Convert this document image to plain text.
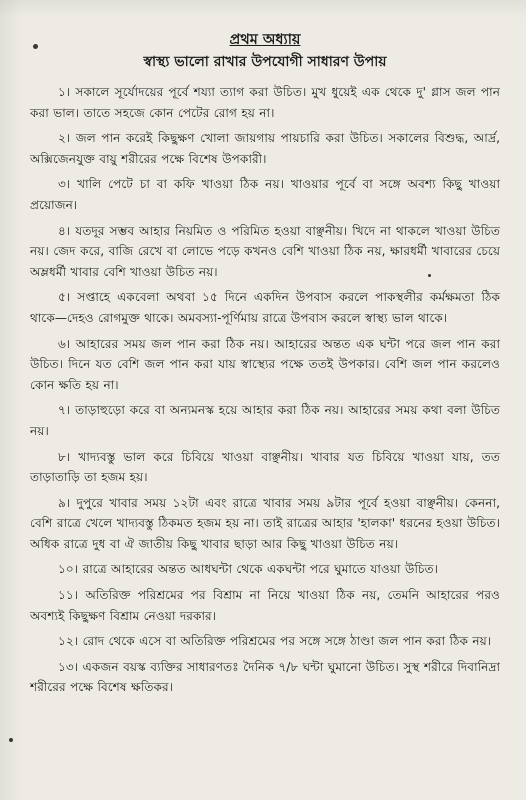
প্রথম অধ্যায়
স্বাস্থ্য ভালো রাখার উপযোগী সাধারণ উপায়

১। সকালে সূর্যোদয়ের পূর্বে শয্যা ত্যাগ করা উচিত। মুখ ধুয়েই এক থেকে দু' গ্লাস জল পান করা ভাল। তাতে সহজে কোন পেটের রোগ হয় না।

২। জল পান করেই কিছুক্ষণ খোলা জায়গায় পায়চারি করা উচিত। সকালের বিশুদ্ধ, আর্দ্র, অক্সিজেনযুক্ত বায়ু শরীরের পক্ষে বিশেষ উপকারী।

৩। খালি পেটে চা বা কফি খাওয়া ঠিক নয়। খাওয়ার পূর্বে বা সঙ্গে অবশ্য কিছু খাওয়া প্রয়োজন।

৪। যতদূর সম্ভব আহার নিয়মিত ও পরিমিত হওয়া বাঞ্ছনীয়। খিদে না থাকলে খাওয়া উচিত নয়। জেদ করে, বাজি রেখে বা লোভে পড়ে কখনও বেশি খাওয়া ঠিক নয়, ক্ষারধর্মী খাবারের চেয়ে অম্লধর্মী খাবার বেশি খাওয়া উচিত নয়।

৫। সপ্তাহে একবেলা অথবা ১৫ দিনে একদিন উপবাস করলে পাকস্থলীর কর্মক্ষমতা ঠিক থাকে—দেহও রোগমুক্ত থাকে। অমবস্যা-পূর্ণিমায় রাত্রে উপবাস করলে স্বাস্থ্য ভাল থাকে।

৬। আহারের সময় জল পান করা ঠিক নয়। আহারের অন্তত এক ঘন্টা পরে জল পান করা উচিত। দিনে যত বেশি জল পান করা যায় স্বাস্থ্যের পক্ষে ততই উপকার। বেশি জল পান করলেও কোন ক্ষতি হয় না।

৭। তাড়াহুড়ো করে বা অন্যমনস্ক হয়ে আহার করা ঠিক নয়। আহারের সময় কথা বলা উচিত নয়।

৮। খাদ্যবস্তু ভাল করে চিবিয়ে খাওয়া বাঞ্ছনীয়। খাবার যত চিবিয়ে খাওয়া যায়, তত তাড়াতাড়ি তা হজম হয়।

৯। দুপুরে খাবার সময় ১২টা এবং রাত্রে খাবার সময় ৯টার পূর্বে হওয়া বাঞ্ছনীয়। কেননা, বেশি রাত্রে খেলে খাদ্যবস্তু ঠিকমত হজম হয় না। তাই রাত্রের আহার 'হালকা' ধরনের হওয়া উচিত। অধিক রাত্রে দুধ বা ঐ জাতীয় কিছু খাবার ছাড়া আর কিছু খাওয়া উচিত নয়।

১০। রাত্রে আহারের অন্তত আধঘন্টা থেকে একঘন্টা পরে ঘুমাতে যাওয়া উচিত।

১১। অতিরিক্ত পরিশ্রমের পর বিশ্রাম না নিয়ে খাওয়া ঠিক নয়, তেমনি আহারের পরও অবশ্যই কিছুক্ষণ বিশ্রাম নেওয়া দরকার।

১২। রোদ থেকে এসে বা অতিরিক্ত পরিশ্রমের পর সঙ্গে সঙ্গে ঠাণ্ডা জল পান করা ঠিক নয়।

১৩। একজন বয়স্ক ব্যক্তির সাধারণতঃ দৈনিক ৭/৮ ঘন্টা ঘুমানো উচিত। সুস্থ শরীরে দিবানিদ্রা শরীরের পক্ষে বিশেষ ক্ষতিকর।
